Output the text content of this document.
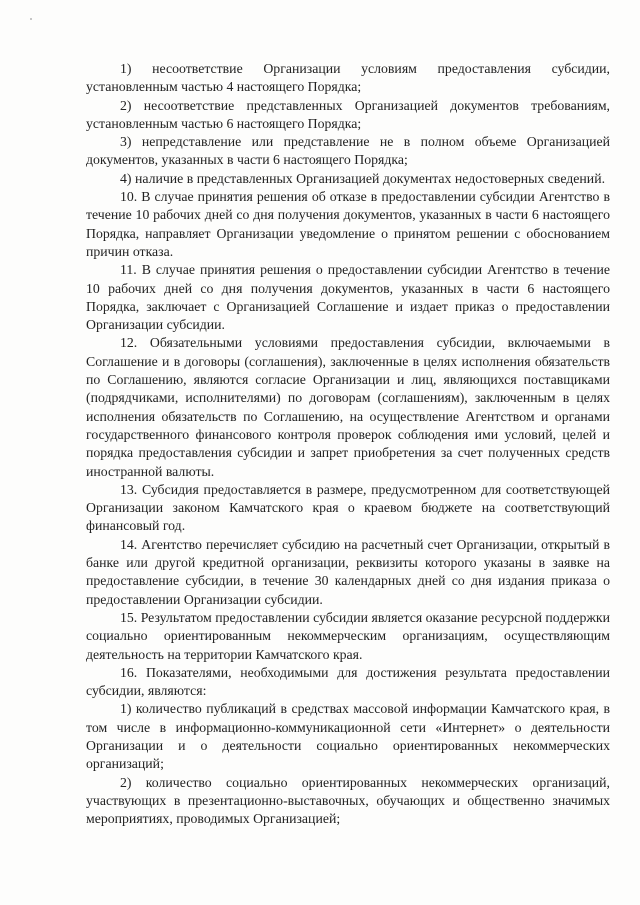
1) несоответствие Организации условиям предоставления субсидии, установленным частью 4 настоящего Порядка;

2) несоответствие представленных Организацией документов требованиям, установленным частью 6 настоящего Порядка;

3) непредставление или представление не в полном объеме Организацией документов, указанных в части 6 настоящего Порядка;

4) наличие в представленных Организацией документах недостоверных сведений.

10. В случае принятия решения об отказе в предоставлении субсидии Агентство в течение 10 рабочих дней со дня получения документов, указанных в части 6 настоящего Порядка, направляет Организации уведомление о принятом решении с обоснованием причин отказа.

11. В случае принятия решения о предоставлении субсидии Агентство в течение 10 рабочих дней со дня получения документов, указанных в части 6 настоящего Порядка, заключает с Организацией Соглашение и издает приказ о предоставлении Организации субсидии.

12. Обязательными условиями предоставления субсидии, включаемыми в Соглашение и в договоры (соглашения), заключенные в целях исполнения обязательств по Соглашению, являются согласие Организации и лиц, являющихся поставщиками (подрядчиками, исполнителями) по договорам (соглашениям), заключенным в целях исполнения обязательств по Соглашению, на осуществление Агентством и органами государственного финансового контроля проверок соблюдения ими условий, целей и порядка предоставления субсидии и запрет приобретения за счет полученных средств иностранной валюты.

13. Субсидия предоставляется в размере, предусмотренном для соответствующей Организации законом Камчатского края о краевом бюджете на соответствующий финансовый год.

14. Агентство перечисляет субсидию на расчетный счет Организации, открытый в банке или другой кредитной организации, реквизиты которого указаны в заявке на предоставление субсидии, в течение 30 календарных дней со дня издания приказа о предоставлении Организации субсидии.

15. Результатом предоставлении субсидии является оказание ресурсной поддержки социально ориентированным некоммерческим организациям, осуществляющим деятельность на территории Камчатского края.

16. Показателями, необходимыми для достижения результата предоставлении субсидии, являются:

1) количество публикаций в средствах массовой информации Камчатского края, в том числе в информационно-коммуникационной сети «Интернет» о деятельности Организации и о деятельности социально ориентированных некоммерческих организаций;

2) количество социально ориентированных некоммерческих организаций, участвующих в презентационно-выставочных, обучающих и общественно значимых мероприятиях, проводимых Организацией;
